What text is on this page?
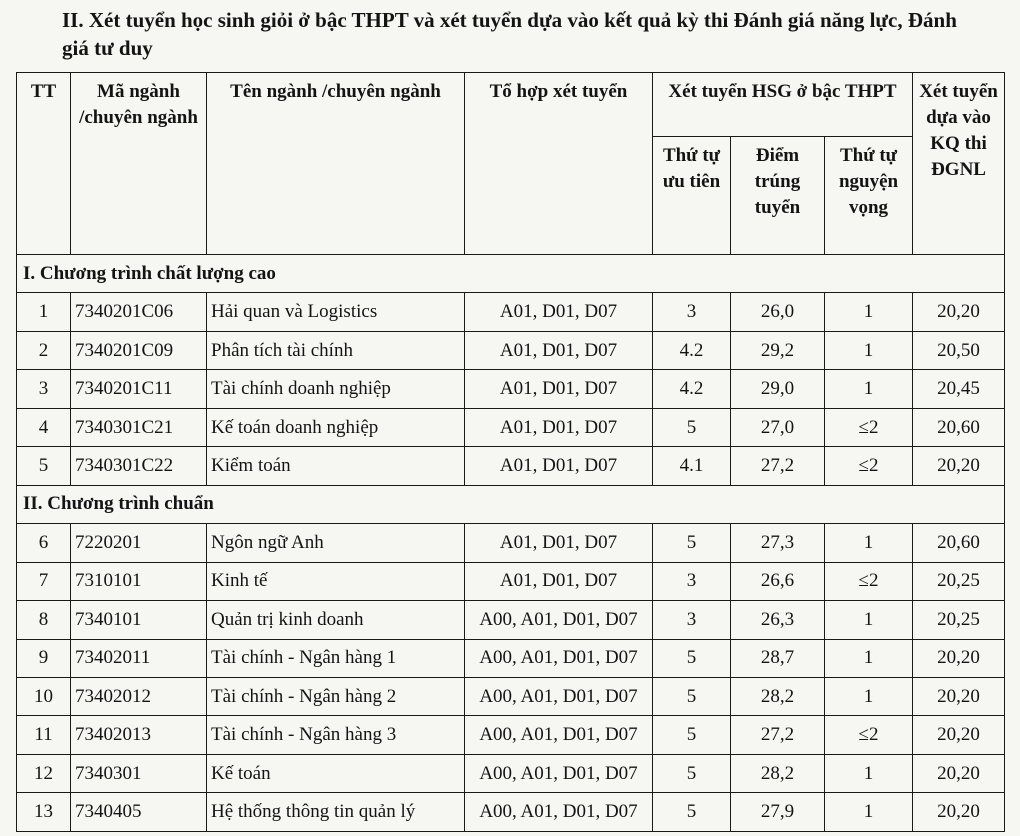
II. Xét tuyển học sinh giỏi ở bậc THPT và xét tuyển dựa vào kết quả kỳ thi Đánh giá năng lực, Đánh giá tư duy
TT	Mã ngành /chuyên ngành	Tên ngành /chuyên ngành	Tổ hợp xét tuyển	Xét tuyển HSG ở bậc THPT			Xét tuyển dựa vào KQ thi ĐGNL
				Thứ tự ưu tiên	Điểm trúng tuyển	Thứ tự nguyện vọng	
I. Chương trình chất lượng cao							
1	7340201C06	Hải quan và Logistics	A01, D01, D07	3	26,0	1	20,20
2	7340201C09	Phân tích tài chính	A01, D01, D07	4.2	29,2	1	20,50
3	7340201C11	Tài chính doanh nghiệp	A01, D01, D07	4.2	29,0	1	20,45
4	7340301C21	Kế toán doanh nghiệp	A01, D01, D07	5	27,0	≤2	20,60
5	7340301C22	Kiểm toán	A01, D01, D07	4.1	27,2	≤2	20,20
II. Chương trình chuẩn							
6	7220201	Ngôn ngữ Anh	A01, D01, D07	5	27,3	1	20,60
7	7310101	Kinh tế	A01, D01, D07	3	26,6	≤2	20,25
8	7340101	Quản trị kinh doanh	A00, A01, D01, D07	3	26,3	1	20,25
9	73402011	Tài chính - Ngân hàng 1	A00, A01, D01, D07	5	28,7	1	20,20
10	73402012	Tài chính - Ngân hàng 2	A00, A01, D01, D07	5	28,2	1	20,20
11	73402013	Tài chính - Ngân hàng 3	A00, A01, D01, D07	5	27,2	≤2	20,20
12	7340301	Kế toán	A00, A01, D01, D07	5	28,2	1	20,20
13	7340405	Hệ thống thông tin quản lý	A00, A01, D01, D07	5	27,9	1	20,20
